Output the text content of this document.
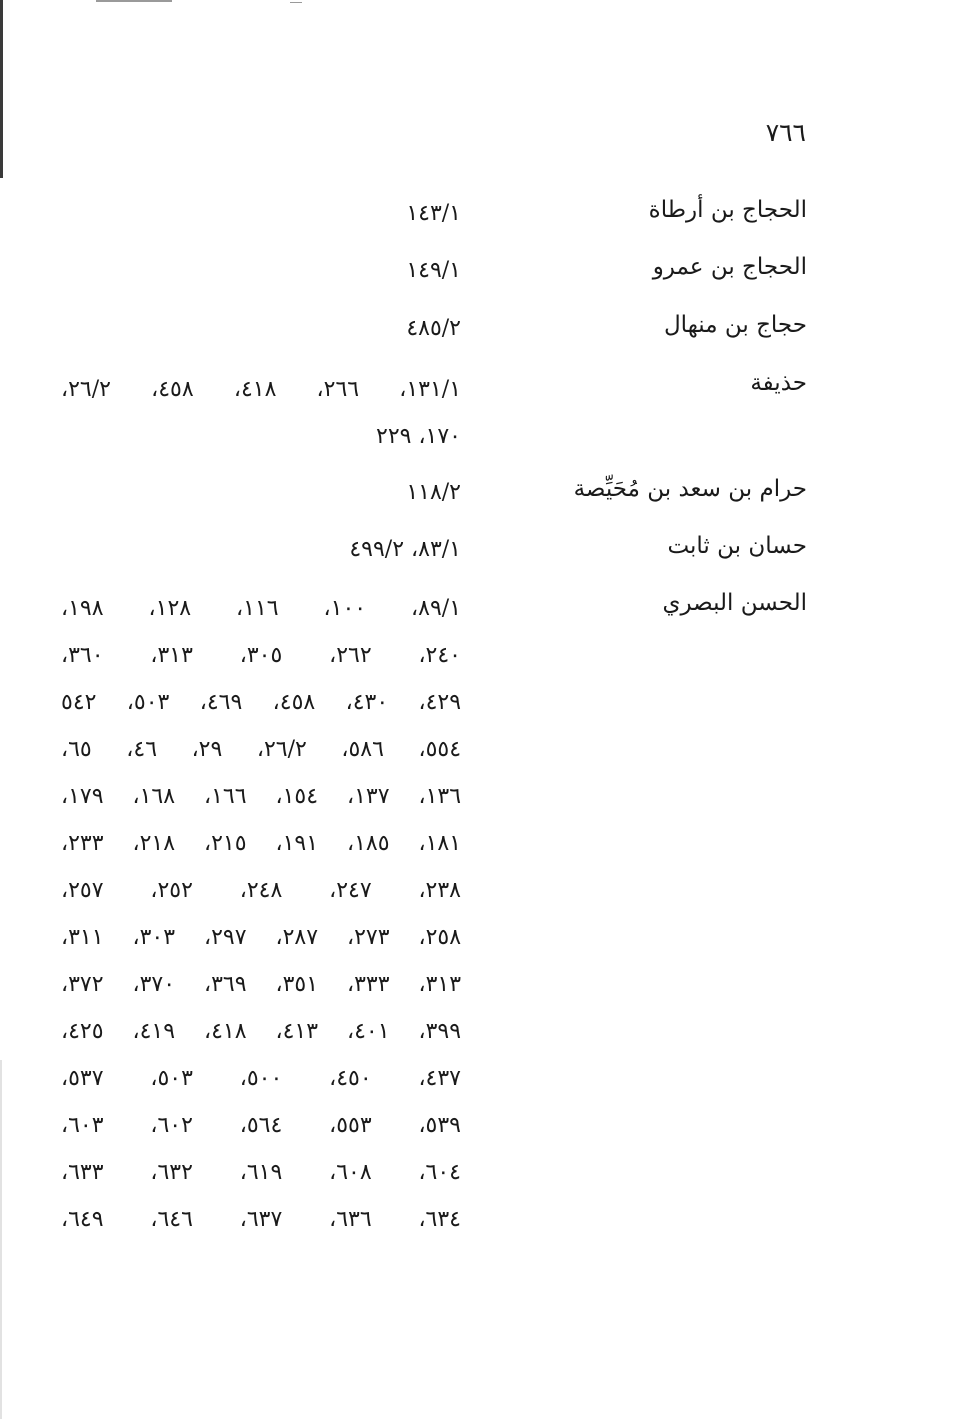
٧٦٦
الحجاج بن أرطاة
١٤٣/١
الحجاج بن عمرو
١٤٩/١
حجاج بن منهال
٤٨٥/٢
حذيفة
١٣١/١، ٢٦٦، ٤١٨، ٤٥٨، ٢٦/٢،
١٧٠، ٢٢٩
حرام بن سعد بن مُحَيِّصة
١١٨/٢
حسان بن ثابت
٨٣/١، ٤٩٩/٢
الحسن البصري
٨٩/١، ١٠٠، ١١٦، ١٢٨، ١٩٨،
٢٤٠، ٢٦٢، ٣٠٥، ٣١٣، ٣٦٠،
٤٢٩، ٤٣٠، ٤٥٨، ٤٦٩، ٥٠٣، ٥٤٢
٥٥٤، ٥٨٦، ٢٦/٢، ٢٩، ٤٦، ٦٥،
١٣٦، ١٣٧، ١٥٤، ١٦٦، ١٦٨، ١٧٩،
١٨١، ١٨٥، ١٩١، ٢١٥، ٢١٨، ٢٣٣،
٢٣٨، ٢٤٧، ٢٤٨، ٢٥٢، ٢٥٧،
٢٥٨، ٢٧٣، ٢٨٧، ٢٩٧، ٣٠٣، ٣١١،
٣١٣، ٣٣٣، ٣٥١، ٣٦٩، ٣٧٠، ٣٧٢،
٣٩٩، ٤٠١، ٤١٣، ٤١٨، ٤١٩، ٤٢٥،
٤٣٧، ٤٥٠، ٥٠٠، ٥٠٣، ٥٣٧،
٥٣٩، ٥٥٣، ٥٦٤، ٦٠٢، ٦٠٣،
٦٠٤، ٦٠٨، ٦١٩، ٦٣٢، ٦٣٣،
٦٣٤، ٦٣٦، ٦٣٧، ٦٤٦، ٦٤٩،
